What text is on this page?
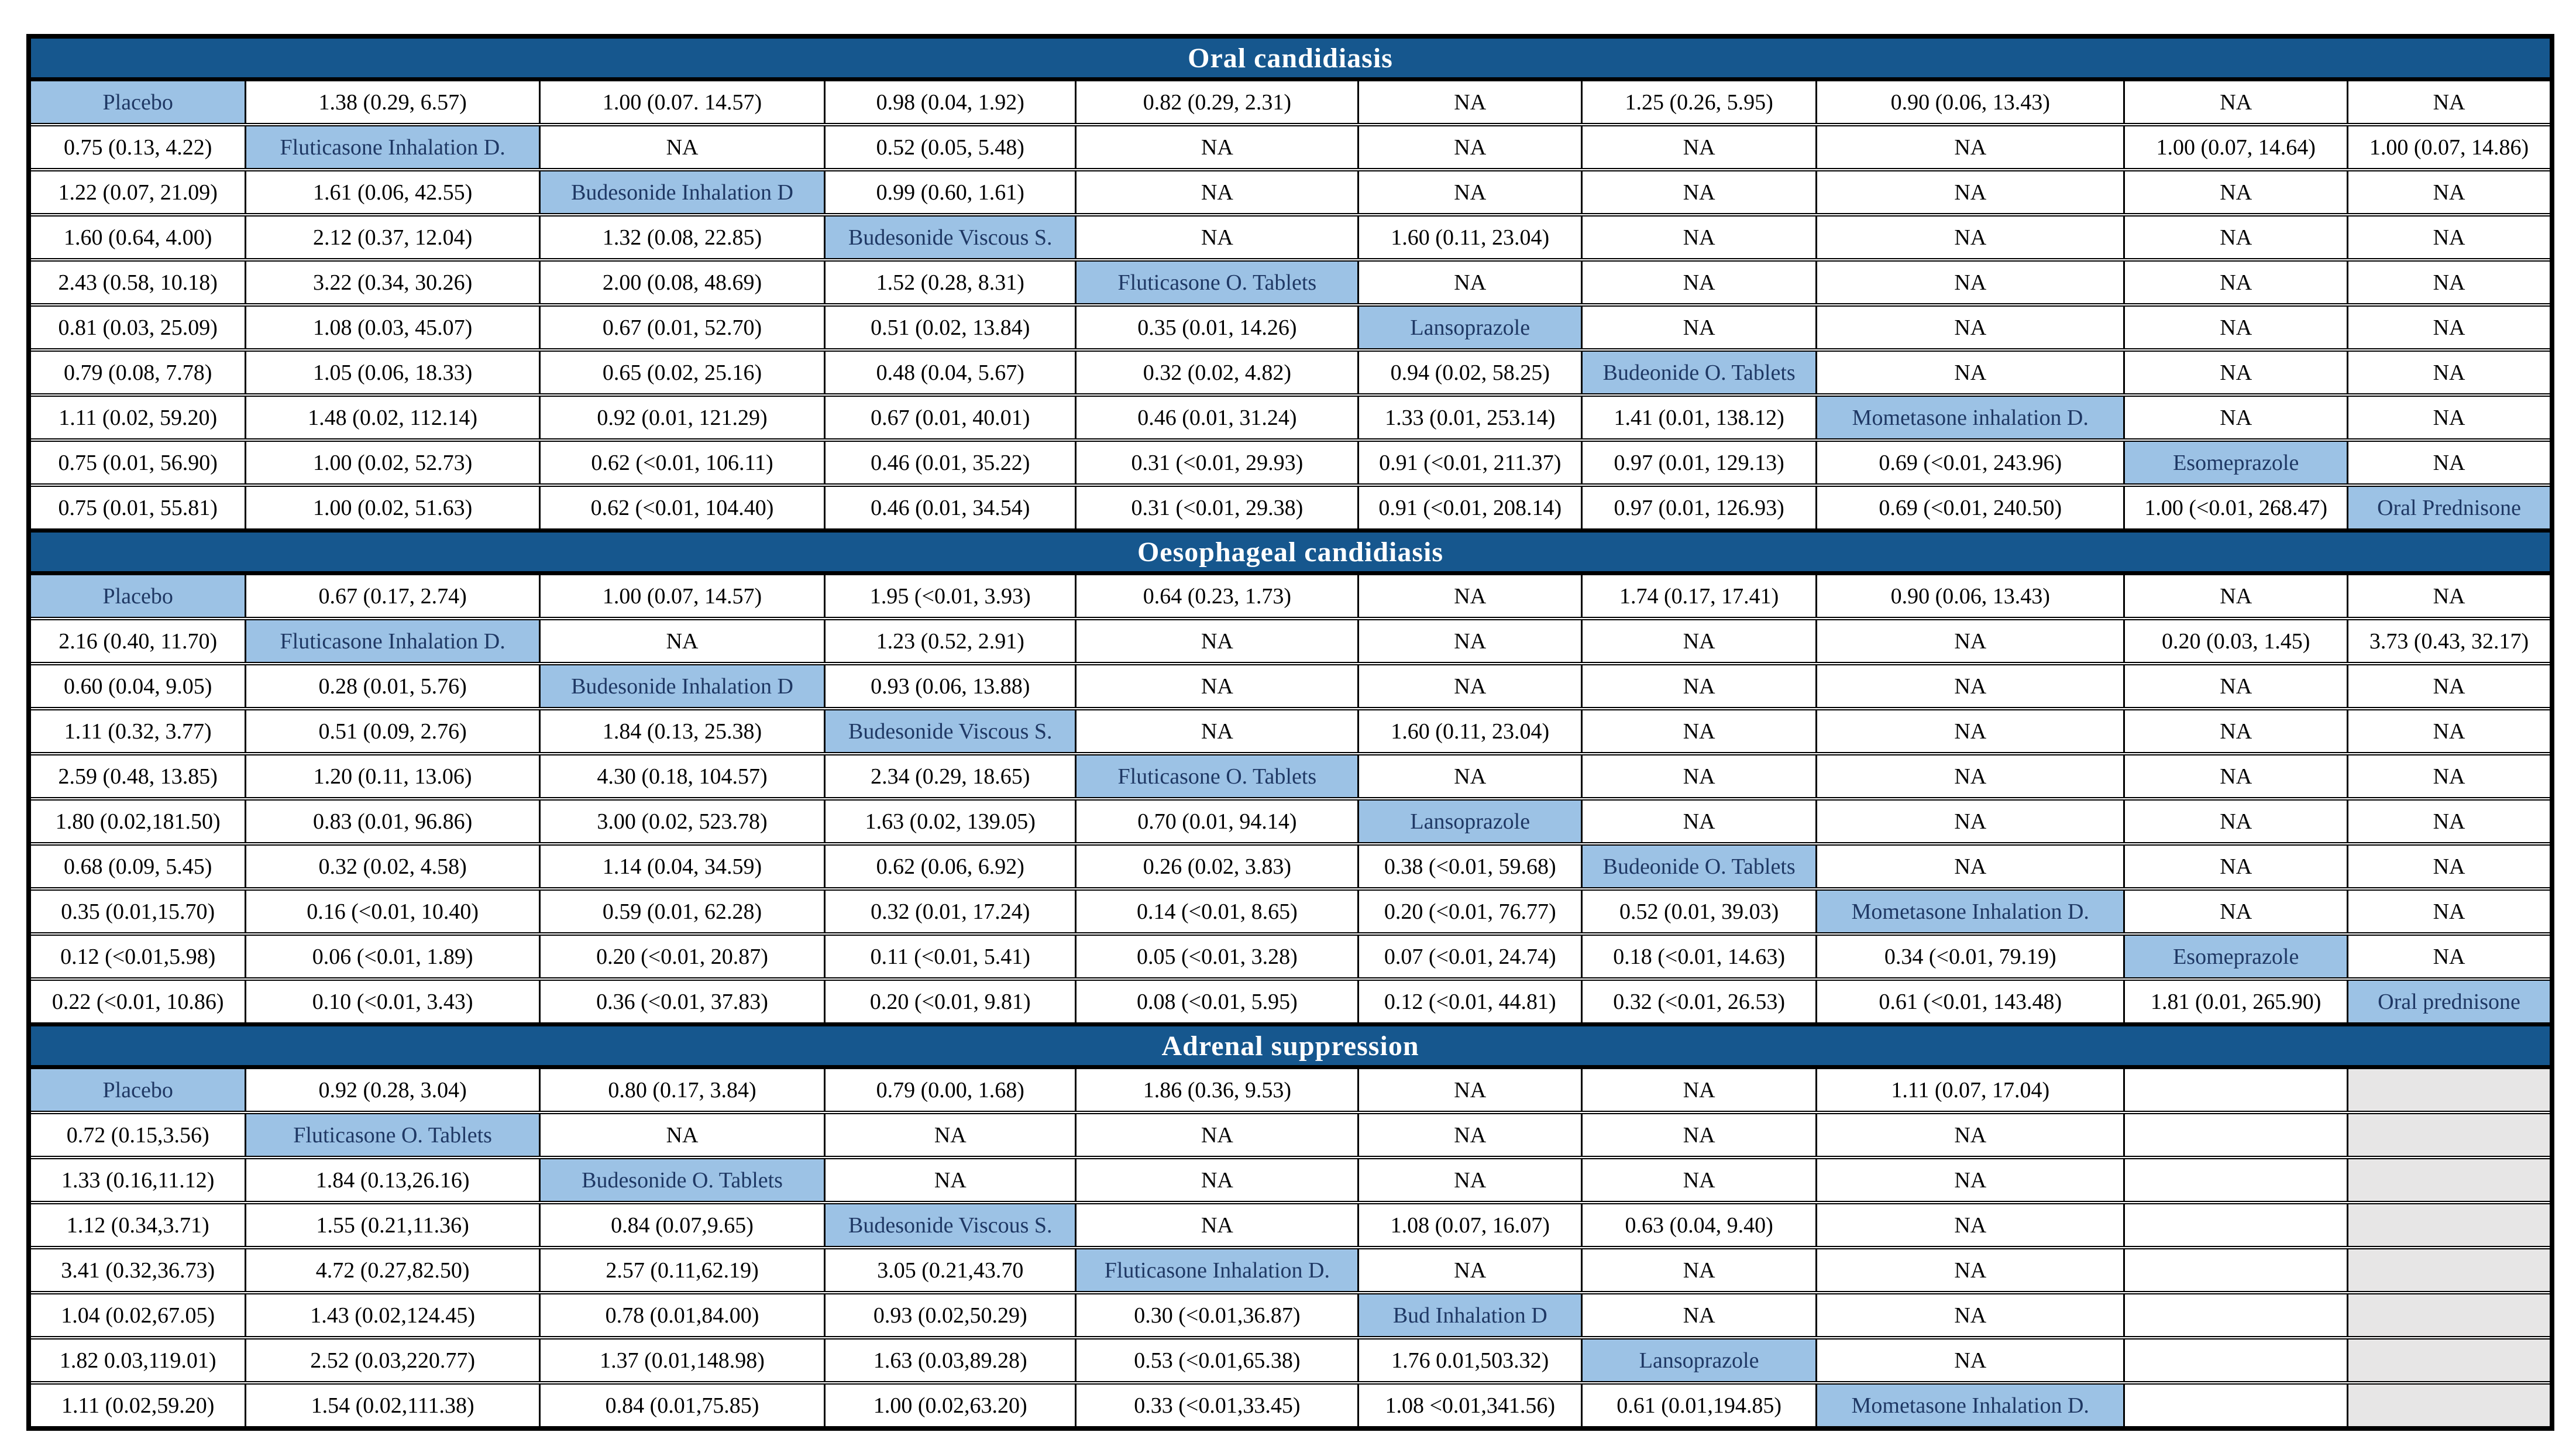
Oral candidiasis									
Placebo	1.38 (0.29, 6.57)	1.00 (0.07. 14.57)	0.98 (0.04, 1.92)	0.82 (0.29, 2.31)	NA	1.25 (0.26, 5.95)	0.90 (0.06, 13.43)	NA	NA
0.75 (0.13, 4.22)	Fluticasone Inhalation D.	NA	0.52 (0.05, 5.48)	NA	NA	NA	NA	1.00 (0.07, 14.64)	1.00 (0.07, 14.86)
1.22 (0.07, 21.09)	1.61 (0.06, 42.55)	Budesonide Inhalation D	0.99 (0.60, 1.61)	NA	NA	NA	NA	NA	NA
1.60 (0.64, 4.00)	2.12 (0.37, 12.04)	1.32 (0.08, 22.85)	Budesonide Viscous S.	NA	1.60 (0.11, 23.04)	NA	NA	NA	NA
2.43 (0.58, 10.18)	3.22 (0.34, 30.26)	2.00 (0.08, 48.69)	1.52 (0.28, 8.31)	Fluticasone O. Tablets	NA	NA	NA	NA	NA
0.81 (0.03, 25.09)	1.08 (0.03, 45.07)	0.67 (0.01, 52.70)	0.51 (0.02, 13.84)	0.35 (0.01, 14.26)	Lansoprazole	NA	NA	NA	NA
0.79 (0.08, 7.78)	1.05 (0.06, 18.33)	0.65 (0.02, 25.16)	0.48 (0.04, 5.67)	0.32 (0.02, 4.82)	0.94 (0.02, 58.25)	Budeonide O. Tablets	NA	NA	NA
1.11 (0.02, 59.20)	1.48 (0.02, 112.14)	0.92 (0.01, 121.29)	0.67 (0.01, 40.01)	0.46 (0.01, 31.24)	1.33 (0.01, 253.14)	1.41 (0.01, 138.12)	Mometasone inhalation D.	NA	NA
0.75 (0.01, 56.90)	1.00 (0.02, 52.73)	0.62 (<0.01, 106.11)	0.46 (0.01, 35.22)	0.31 (<0.01, 29.93)	0.91 (<0.01, 211.37)	0.97 (0.01, 129.13)	0.69 (<0.01, 243.96)	Esomeprazole	NA
0.75 (0.01, 55.81)	1.00 (0.02, 51.63)	0.62 (<0.01, 104.40)	0.46 (0.01, 34.54)	0.31 (<0.01, 29.38)	0.91 (<0.01, 208.14)	0.97 (0.01, 126.93)	0.69 (<0.01, 240.50)	1.00 (<0.01, 268.47)	Oral Prednisone
Oesophageal candidiasis									
Placebo	0.67 (0.17, 2.74)	1.00 (0.07, 14.57)	1.95 (<0.01, 3.93)	0.64 (0.23, 1.73)	NA	1.74 (0.17, 17.41)	0.90 (0.06, 13.43)	NA	NA
2.16 (0.40, 11.70)	Fluticasone Inhalation D.	NA	1.23 (0.52, 2.91)	NA	NA	NA	NA	0.20 (0.03, 1.45)	3.73 (0.43, 32.17)
0.60 (0.04, 9.05)	0.28 (0.01, 5.76)	Budesonide Inhalation D	0.93 (0.06, 13.88)	NA	NA	NA	NA	NA	NA
1.11 (0.32, 3.77)	0.51 (0.09, 2.76)	1.84 (0.13, 25.38)	Budesonide Viscous S.	NA	1.60 (0.11, 23.04)	NA	NA	NA	NA
2.59 (0.48, 13.85)	1.20 (0.11, 13.06)	4.30 (0.18, 104.57)	2.34 (0.29, 18.65)	Fluticasone O. Tablets	NA	NA	NA	NA	NA
1.80 (0.02,181.50)	0.83 (0.01, 96.86)	3.00 (0.02, 523.78)	1.63 (0.02, 139.05)	0.70 (0.01, 94.14)	Lansoprazole	NA	NA	NA	NA
0.68 (0.09, 5.45)	0.32 (0.02, 4.58)	1.14 (0.04, 34.59)	0.62 (0.06, 6.92)	0.26 (0.02, 3.83)	0.38 (<0.01, 59.68)	Budeonide O. Tablets	NA	NA	NA
0.35 (0.01,15.70)	0.16 (<0.01, 10.40)	0.59 (0.01, 62.28)	0.32 (0.01, 17.24)	0.14 (<0.01, 8.65)	0.20 (<0.01, 76.77)	0.52 (0.01, 39.03)	Mometasone Inhalation D.	NA	NA
0.12 (<0.01,5.98)	0.06 (<0.01, 1.89)	0.20 (<0.01, 20.87)	0.11 (<0.01, 5.41)	0.05 (<0.01, 3.28)	0.07 (<0.01, 24.74)	0.18 (<0.01, 14.63)	0.34 (<0.01, 79.19)	Esomeprazole	NA
0.22 (<0.01, 10.86)	0.10 (<0.01, 3.43)	0.36 (<0.01, 37.83)	0.20 (<0.01, 9.81)	0.08 (<0.01, 5.95)	0.12 (<0.01, 44.81)	0.32 (<0.01, 26.53)	0.61 (<0.01, 143.48)	1.81 (0.01, 265.90)	Oral prednisone
Adrenal suppression									
Placebo	0.92 (0.28, 3.04)	0.80 (0.17, 3.84)	0.79 (0.00, 1.68)	1.86 (0.36, 9.53)	NA	NA	1.11 (0.07, 17.04)		
0.72 (0.15,3.56)	Fluticasone O. Tablets	NA	NA	NA	NA	NA	NA		
1.33 (0.16,11.12)	1.84 (0.13,26.16)	Budesonide O. Tablets	NA	NA	NA	NA	NA		
1.12 (0.34,3.71)	1.55 (0.21,11.36)	0.84 (0.07,9.65)	Budesonide Viscous S.	NA	1.08 (0.07, 16.07)	0.63 (0.04, 9.40)	NA		
3.41 (0.32,36.73)	4.72 (0.27,82.50)	2.57 (0.11,62.19)	3.05 (0.21,43.70	Fluticasone Inhalation D.	NA	NA	NA		
1.04 (0.02,67.05)	1.43 (0.02,124.45)	0.78 (0.01,84.00)	0.93 (0.02,50.29)	0.30 (<0.01,36.87)	Bud Inhalation D	NA	NA		
1.82 0.03,119.01)	2.52 (0.03,220.77)	1.37 (0.01,148.98)	1.63 (0.03,89.28)	0.53 (<0.01,65.38)	1.76 0.01,503.32)	Lansoprazole	NA		
1.11 (0.02,59.20)	1.54 (0.02,111.38)	0.84 (0.01,75.85)	1.00 (0.02,63.20)	0.33 (<0.01,33.45)	1.08 <0.01,341.56)	0.61 (0.01,194.85)	Mometasone Inhalation D.		
